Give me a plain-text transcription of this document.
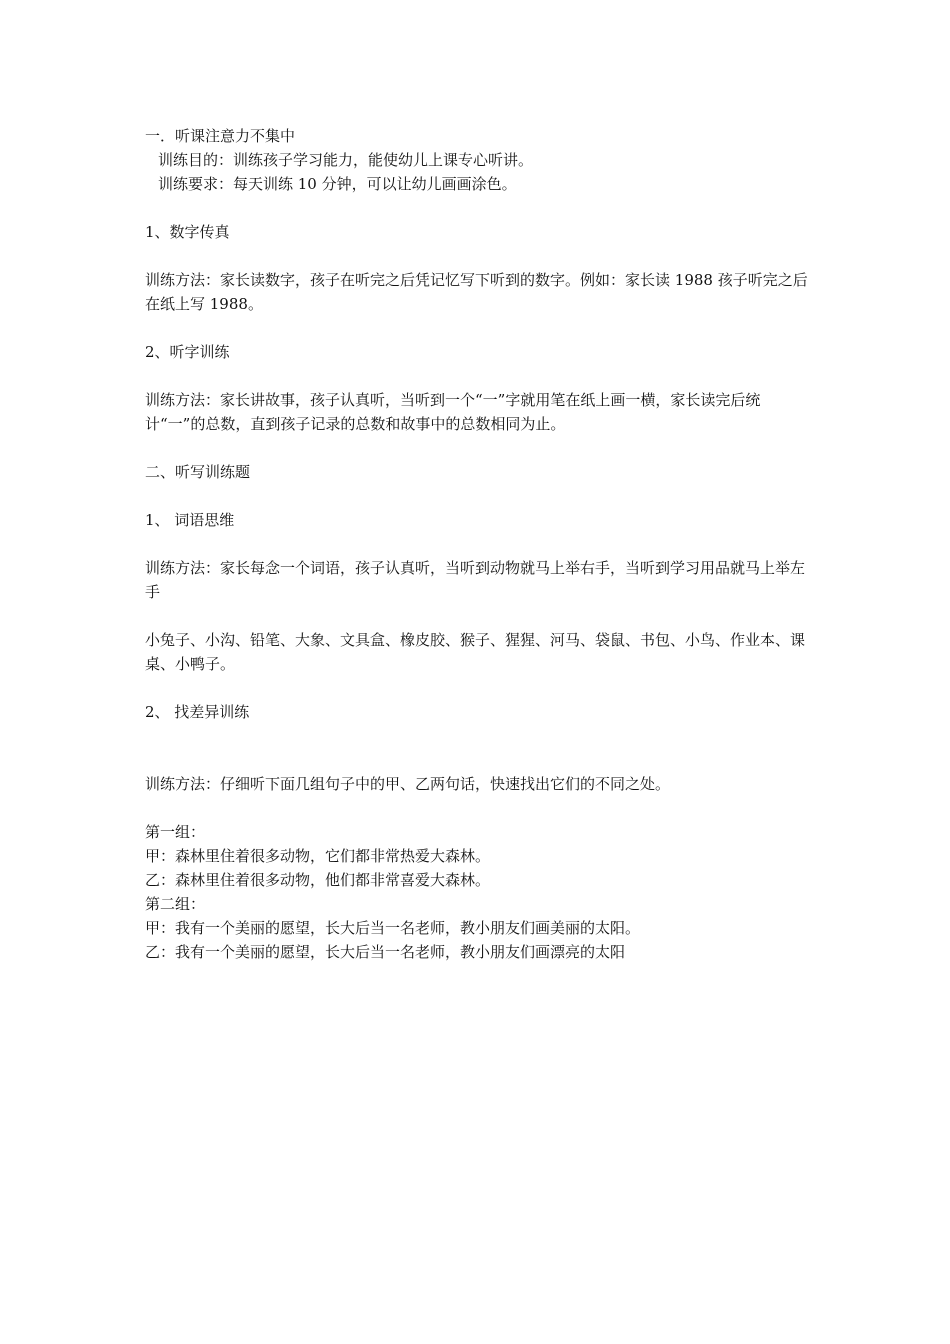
一．听课注意力不集中
训练目的：训练孩子学习能力，能使幼儿上课专心听讲。
训练要求：每天训练 10 分钟，可以让幼儿画画涂色。
1、数字传真
训练方法：家长读数字，孩子在听完之后凭记忆写下听到的数字。例如：家长读 1988 孩子听完之后在纸上写 1988。
2、听字训练
训练方法：家长讲故事，孩子认真听，当听到一个“一”字就用笔在纸上画一横，家长读完后统计“一”的总数，直到孩子记录的总数和故事中的总数相同为止。
二、听写训练题
1、 词语思维
训练方法：家长每念一个词语，孩子认真听，当听到动物就马上举右手，当听到学习用品就马上举左手
小兔子、小沟、铅笔、大象、文具盒、橡皮胶、猴子、猩猩、河马、袋鼠、书包、小鸟、作业本、课桌、小鸭子。
2、 找差异训练
训练方法：仔细听下面几组句子中的甲、乙两句话，快速找出它们的不同之处。
第一组：
甲：森林里住着很多动物，它们都非常热爱大森林。
乙：森林里住着很多动物，他们都非常喜爱大森林。
第二组：
甲：我有一个美丽的愿望，长大后当一名老师，教小朋友们画美丽的太阳。
乙：我有一个美丽的愿望，长大后当一名老师，教小朋友们画漂亮的太阳
